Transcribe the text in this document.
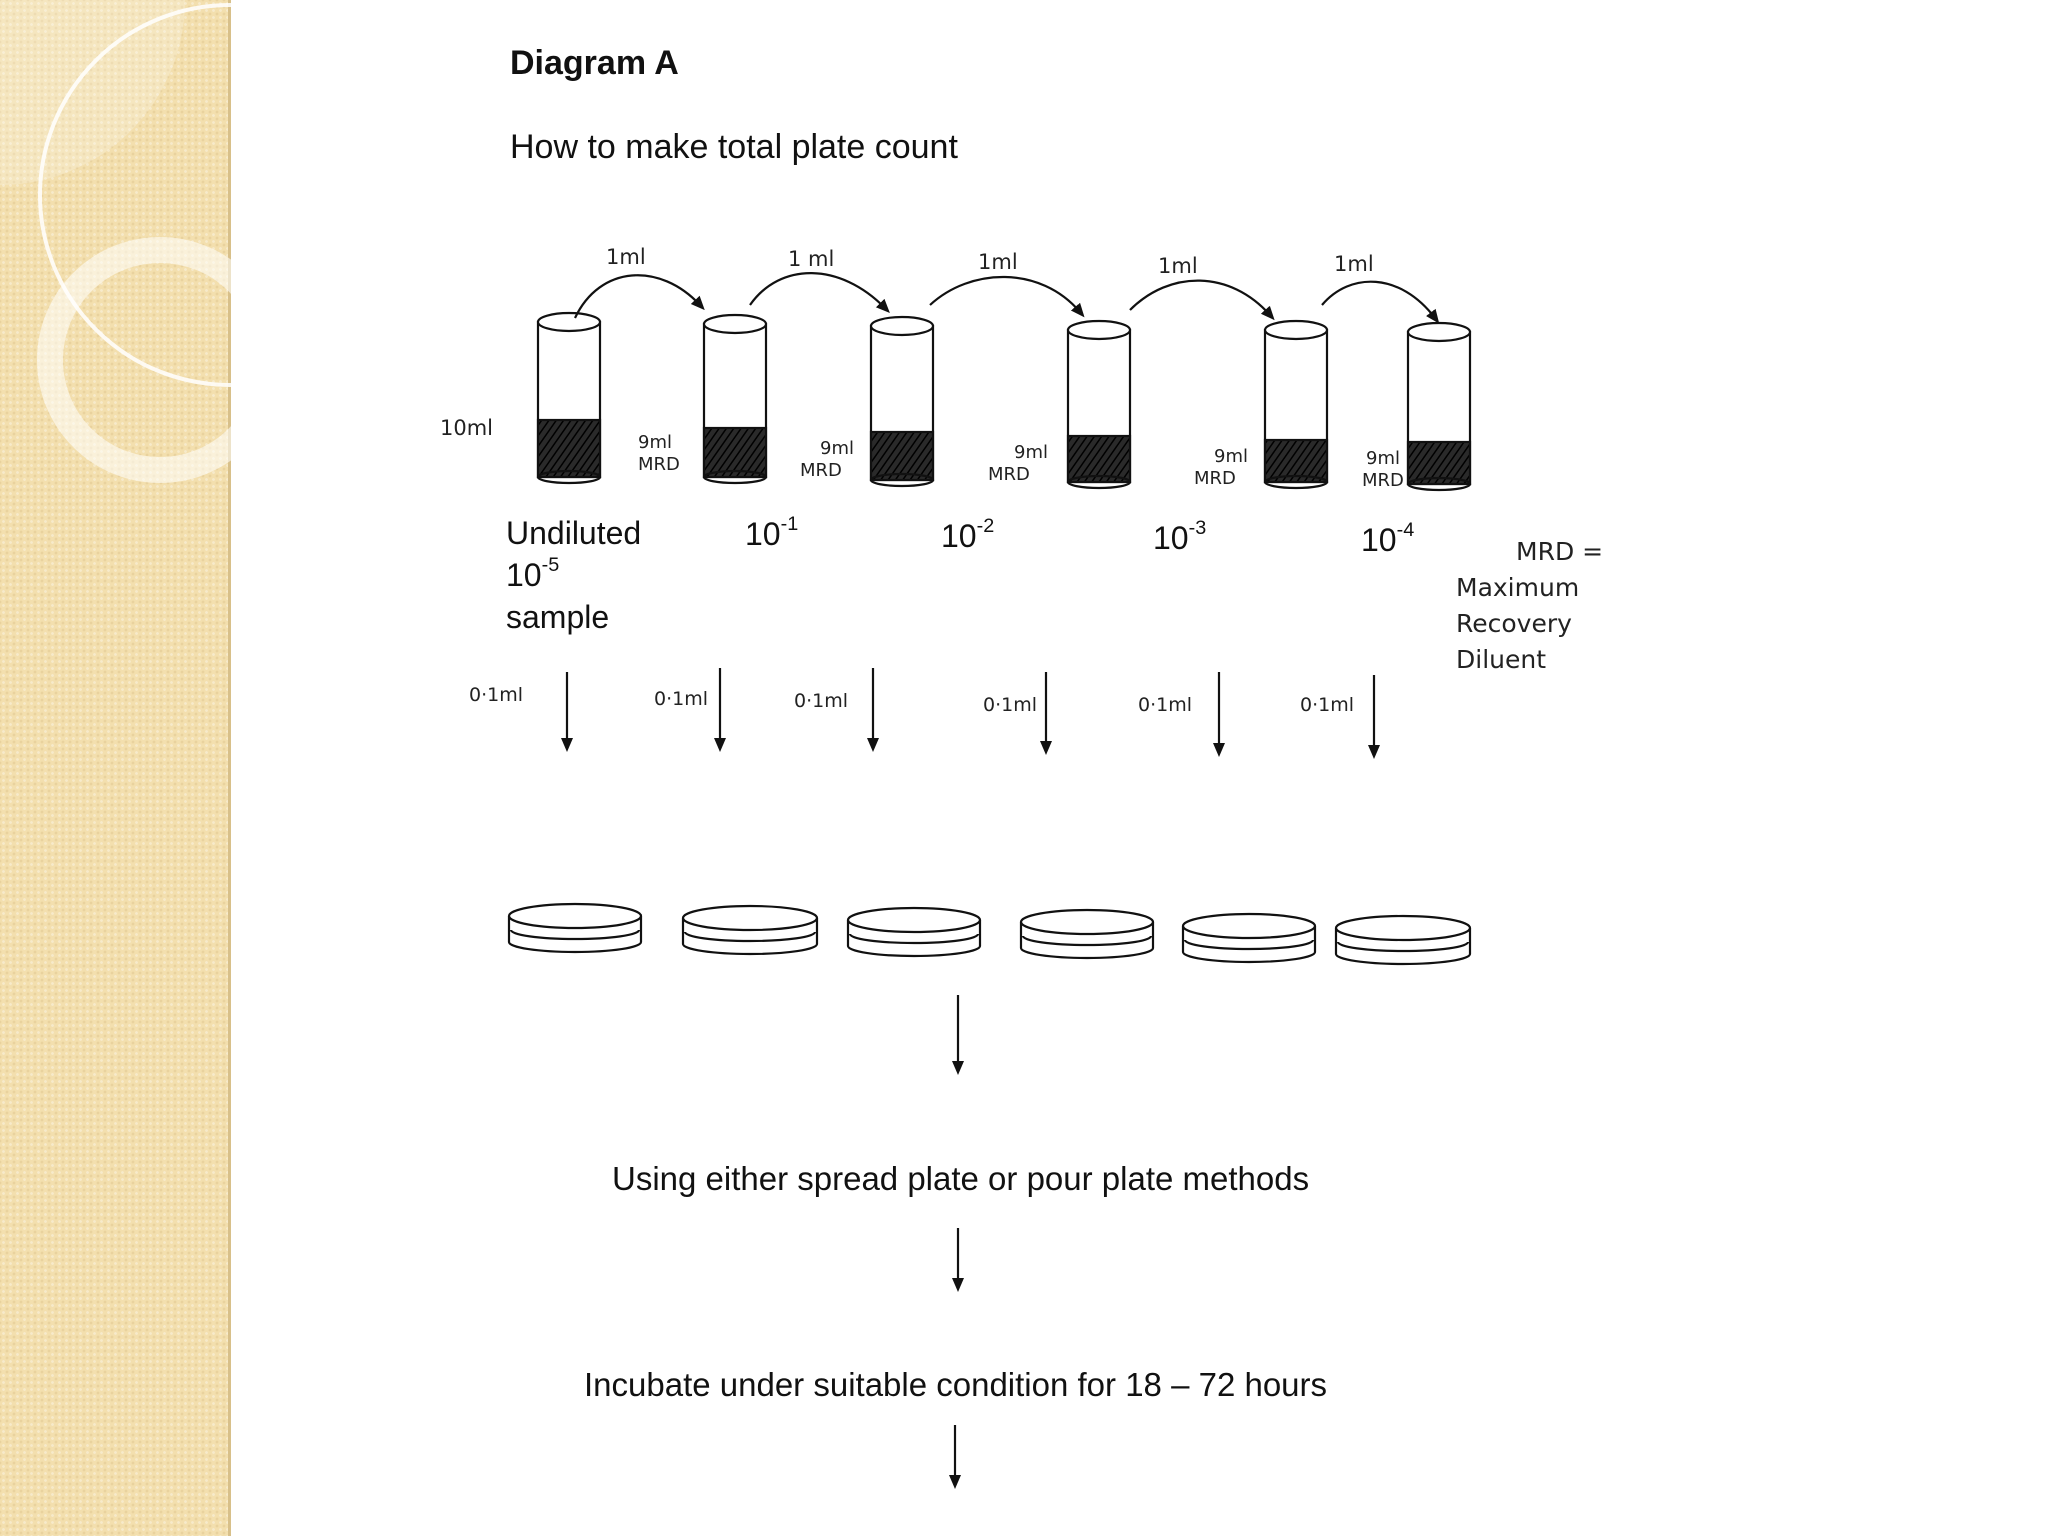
Diagram A
How to make total plate count
1ml	1 ml	1ml	1ml	1ml
10ml
9ml
MRD
9ml
MRD
9ml
MRD
9ml
MRD
9ml
MRD
Undiluted
$10^{-5}$
sample
$10^{-1}$	$10^{-2}$	$10^{-3}$	$10^{-4}$
MRD =
Maximum
Recovery
Diluent
0·1ml	0·1ml	0·1ml	0·1ml	0·1ml	0·1ml
Using either spread plate or pour plate methods
Incubate under suitable condition for 18 – 72 hours
